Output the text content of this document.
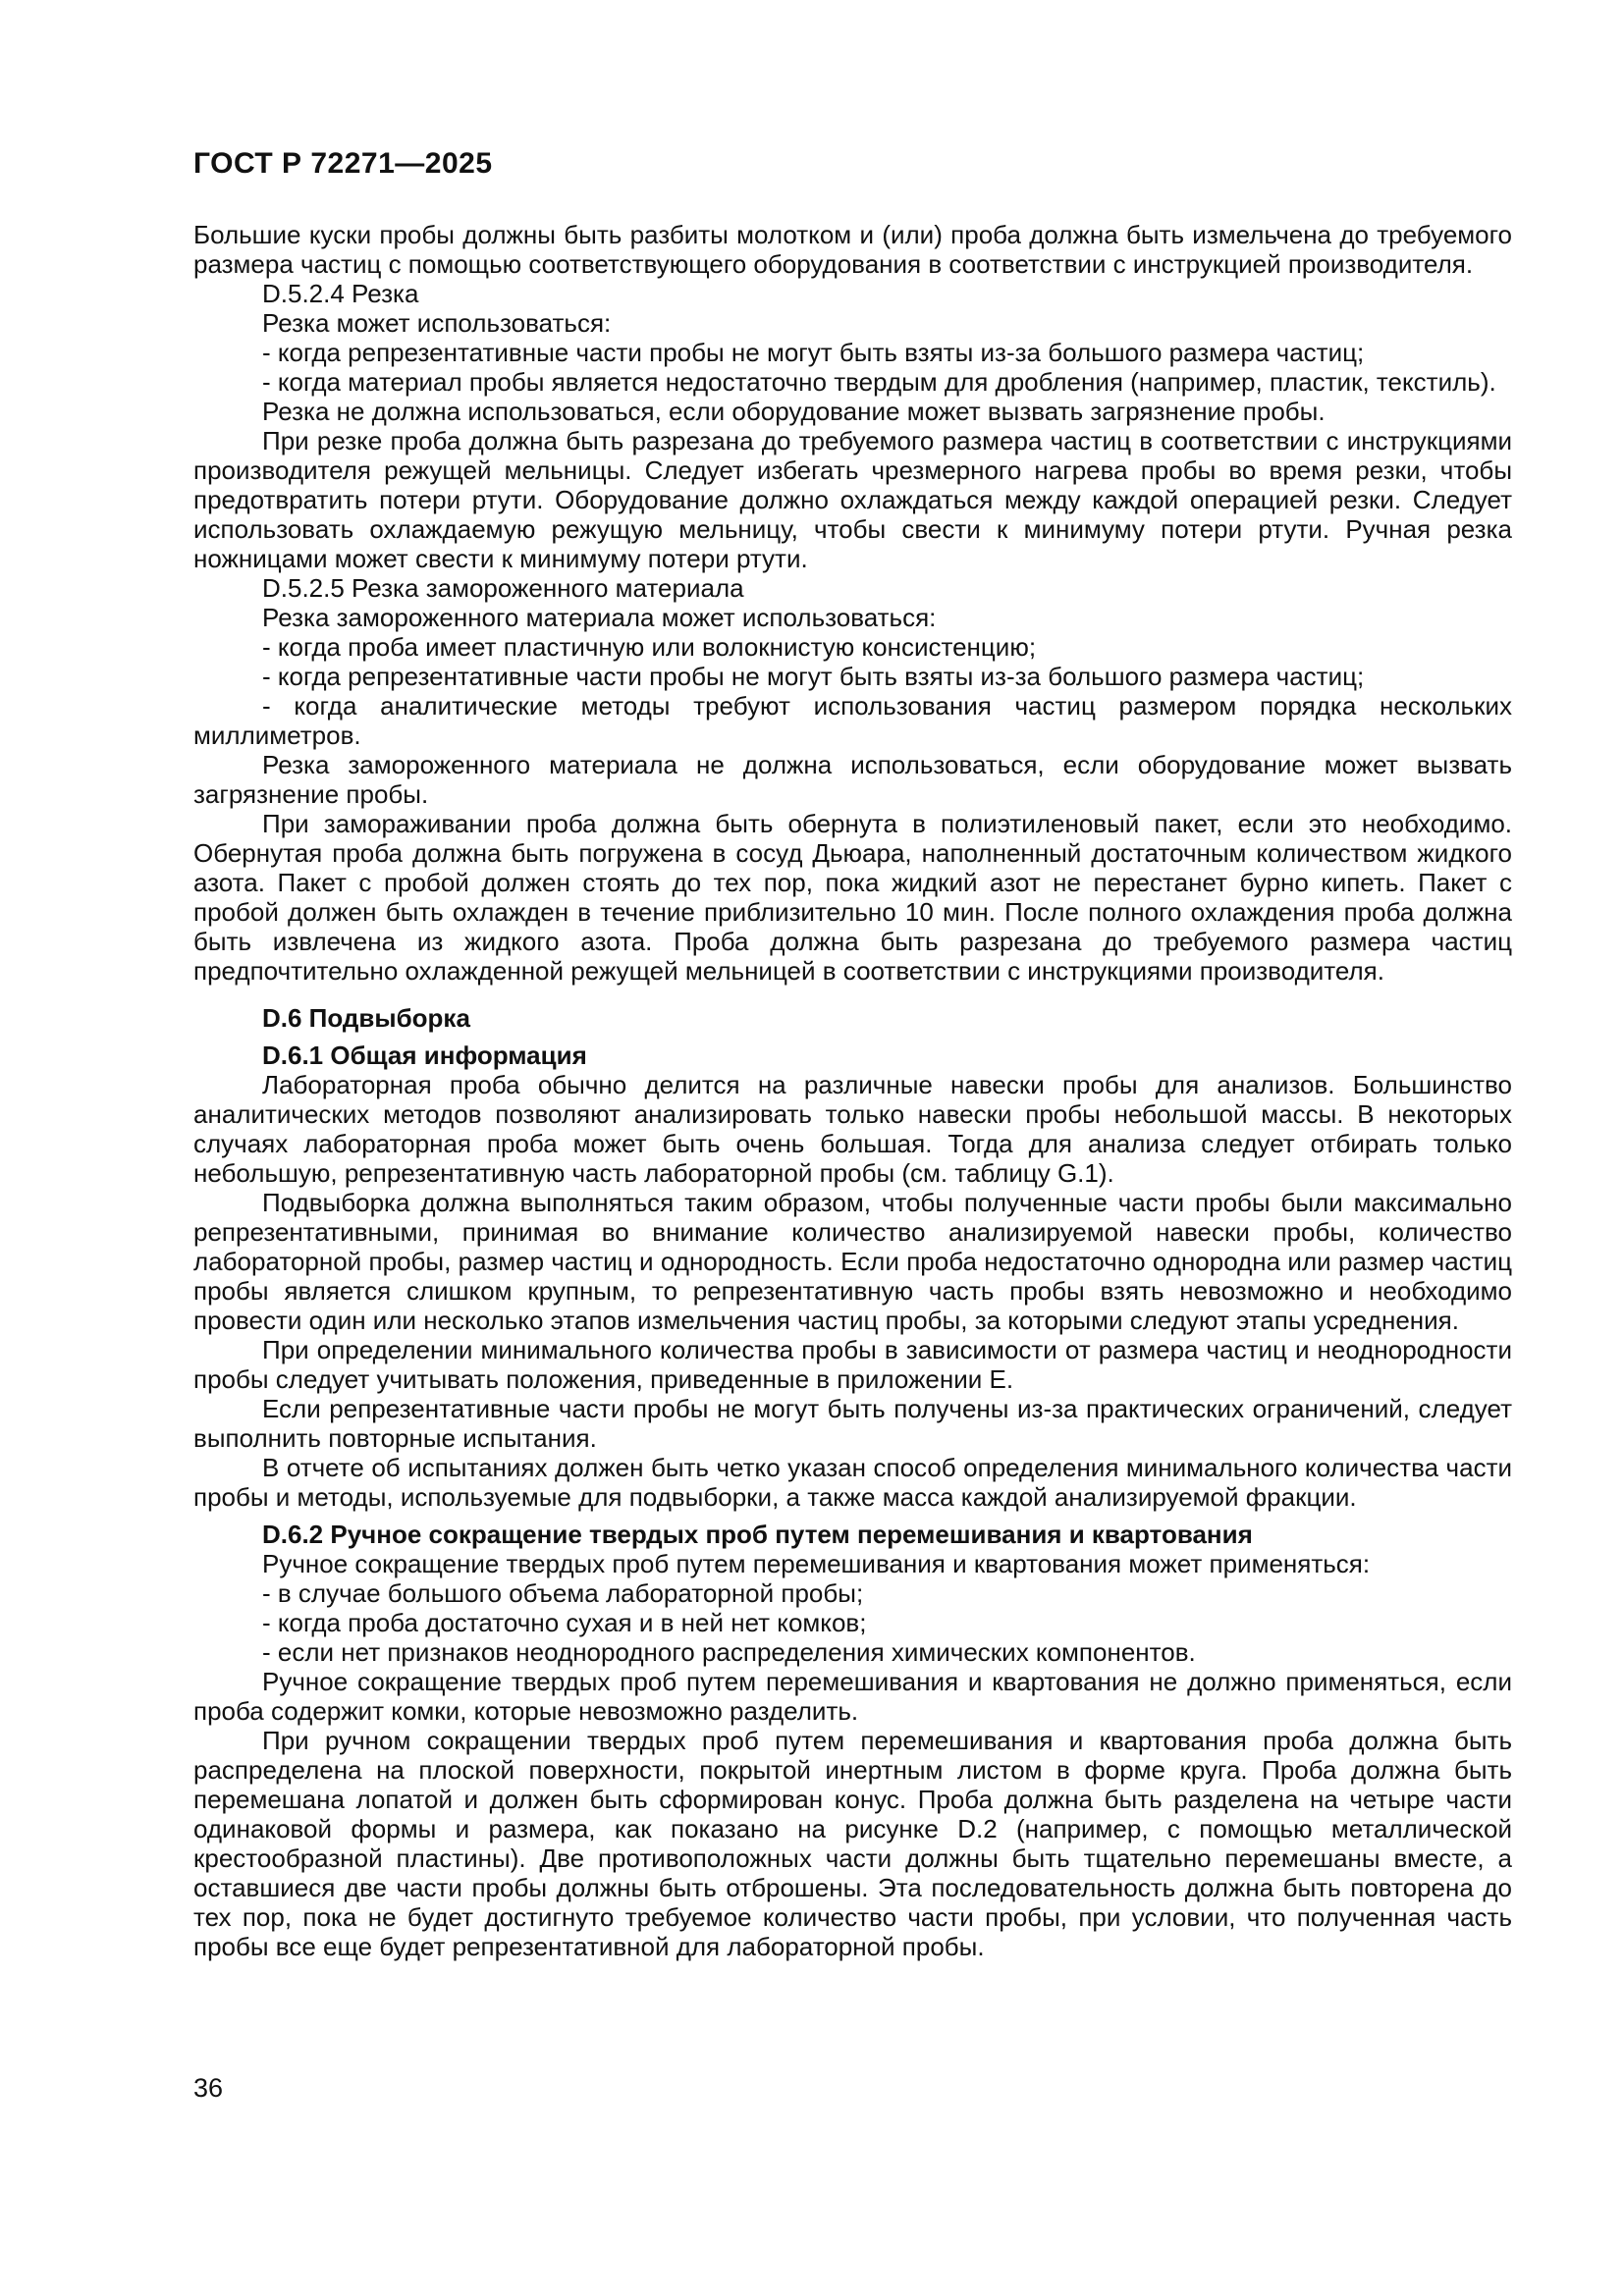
ГОСТ Р 72271—2025

Большие куски пробы должны быть разбиты молотком и (или) проба должна быть измельчена до требуемого размера частиц с помощью соответствующего оборудования в соответствии с инструкцией производителя.

D.5.2.4 Резка

Резка может использоваться:

- когда репрезентативные части пробы не могут быть взяты из-за большого размера частиц;

- когда материал пробы является недостаточно твердым для дробления (например, пластик, текстиль).

Резка не должна использоваться, если оборудование может вызвать загрязнение пробы.

При резке проба должна быть разрезана до требуемого размера частиц в соответствии с инструкциями производителя режущей мельницы. Следует избегать чрезмерного нагрева пробы во время резки, чтобы предотвратить потери ртути. Оборудование должно охлаждаться между каждой операцией резки. Следует использовать охлаждаемую режущую мельницу, чтобы свести к минимуму потери ртути. Ручная резка ножницами может свести к минимуму потери ртути.

D.5.2.5 Резка замороженного материала

Резка замороженного материала может использоваться:

- когда проба имеет пластичную или волокнистую консистенцию;

- когда репрезентативные части пробы не могут быть взяты из-за большого размера частиц;

- когда аналитические методы требуют использования частиц размером порядка нескольких миллиметров.

Резка замороженного материала не должна использоваться, если оборудование может вызвать загрязнение пробы.

При замораживании проба должна быть обернута в полиэтиленовый пакет, если это необходимо. Обернутая проба должна быть погружена в сосуд Дьюара, наполненный достаточным количеством жидкого азота. Пакет с пробой должен стоять до тех пор, пока жидкий азот не перестанет бурно кипеть. Пакет с пробой должен быть охлажден в течение приблизительно 10 мин. После полного охлаждения проба должна быть извлечена из жидкого азота. Проба должна быть разрезана до требуемого размера частиц предпочтительно охлажденной режущей мельницей в соответствии с инструкциями производителя.

D.6 Подвыборка

D.6.1 Общая информация

Лабораторная проба обычно делится на различные навески пробы для анализов. Большинство аналитических методов позволяют анализировать только навески пробы небольшой массы. В некоторых случаях лабораторная проба может быть очень большая. Тогда для анализа следует отбирать только небольшую, репрезентативную часть лабораторной пробы (см. таблицу G.1).

Подвыборка должна выполняться таким образом, чтобы полученные части пробы были максимально репрезентативными, принимая во внимание количество анализируемой навески пробы, количество лабораторной пробы, размер частиц и однородность. Если проба недостаточно однородна или размер частиц пробы является слишком крупным, то репрезентативную часть пробы взять невозможно и необходимо провести один или несколько этапов измельчения частиц пробы, за которыми следуют этапы усреднения.

При определении минимального количества пробы в зависимости от размера частиц и неоднородности пробы следует учитывать положения, приведенные в приложении Е.

Если репрезентативные части пробы не могут быть получены из-за практических ограничений, следует выполнить повторные испытания.

В отчете об испытаниях должен быть четко указан способ определения минимального количества части пробы и методы, используемые для подвыборки, а также масса каждой анализируемой фракции.

D.6.2 Ручное сокращение твердых проб путем перемешивания и квартования

Ручное сокращение твердых проб путем перемешивания и квартования может применяться:

- в случае большого объема лабораторной пробы;

- когда проба достаточно сухая и в ней нет комков;

- если нет признаков неоднородного распределения химических компонентов.

Ручное сокращение твердых проб путем перемешивания и квартования не должно применяться, если проба содержит комки, которые невозможно разделить.

При ручном сокращении твердых проб путем перемешивания и квартования проба должна быть распределена на плоской поверхности, покрытой инертным листом в форме круга. Проба должна быть перемешана лопатой и должен быть сформирован конус. Проба должна быть разделена на четыре части одинаковой формы и размера, как показано на рисунке D.2 (например, с помощью металлической крестообразной пластины). Две противоположных части должны быть тщательно перемешаны вместе, а оставшиеся две части пробы должны быть отброшены. Эта последовательность должна быть повторена до тех пор, пока не будет достигнуто требуемое количество части пробы, при условии, что полученная часть пробы все еще будет репрезентативной для лабораторной пробы.

36
